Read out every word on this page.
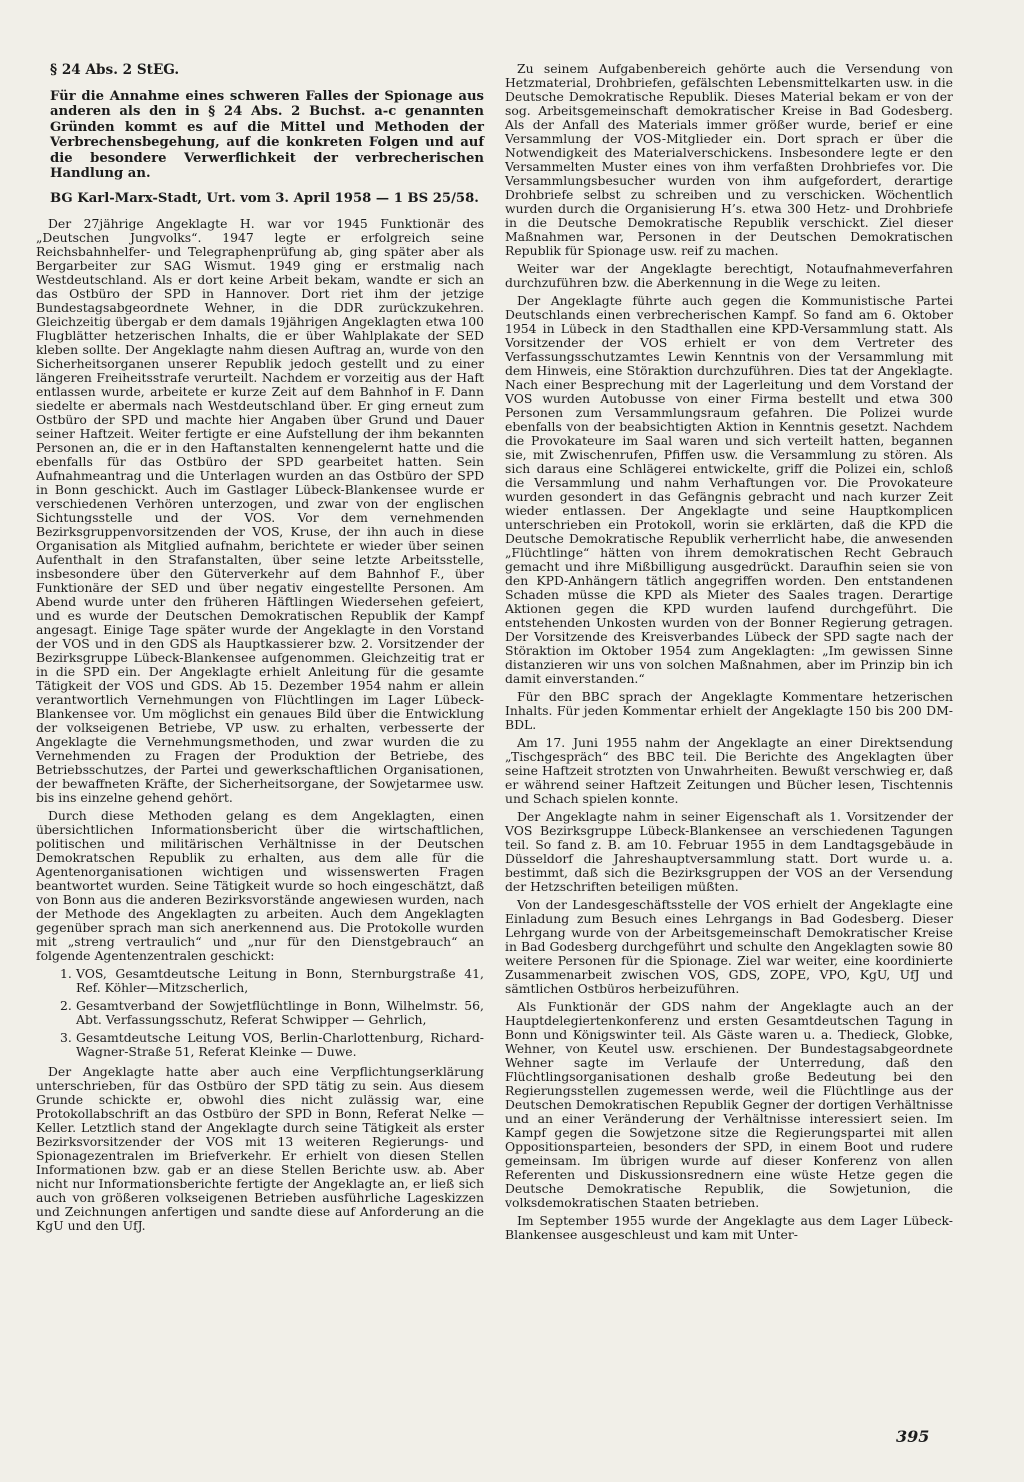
§ 24 Abs. 2 StEG.
Für die Annahme eines schweren Falles der Spionage aus anderen als den in § 24 Abs. 2 Buchst. a-c genannten Gründen kommt es auf die Mittel und Methoden der Verbrechensbegehung, auf die konkreten Folgen und auf die besondere Verwerflichkeit der verbrecherischen Handlung an.
BG Karl-Marx-Stadt, Urt. vom 3. April 1958 — 1 BS 25/58.

Der 27jährige Angeklagte H. war vor 1945 Funktionär des „Deutschen Jungvolks“. 1947 legte er erfolgreich seine Reichsbahnhelfer- und Telegraphenprüfung ab, ging später aber als Bergarbeiter zur SAG Wismut. 1949 ging er erstmalig nach Westdeutschland. Als er dort keine Arbeit bekam, wandte er sich an das Ostbüro der SPD in Hannover. Dort riet ihm der jetzige Bundestagsabgeordnete Wehner, in die DDR zurückzukehren. Gleichzeitig übergab er dem damals 19jährigen Angeklagten etwa 100 Flugblätter hetzerischen Inhalts, die er über Wahlplakate der SED kleben sollte. Der Angeklagte nahm diesen Auftrag an, wurde von den Sicherheitsorganen unserer Republik jedoch gestellt und zu einer längeren Freiheitsstrafe verurteilt. Nachdem er vorzeitig aus der Haft entlassen wurde, arbeitete er kurze Zeit auf dem Bahnhof in F. Dann siedelte er abermals nach Westdeutschland über. Er ging erneut zum Ostbüro der SPD und machte hier Angaben über Grund und Dauer seiner Haftzeit. Weiter fertigte er eine Aufstellung der ihm bekannten Personen an, die er in den Haftanstalten kennengelernt hatte und die ebenfalls für das Ostbüro der SPD gearbeitet hatten. Sein Aufnahmeantrag und die Unterlagen wurden an das Ostbüro der SPD in Bonn geschickt. Auch im Gastlager Lübeck-Blankensee wurde er verschiedenen Verhören unterzogen, und zwar von der englischen Sichtungsstelle und der VOS. Vor dem vernehmenden Bezirksgruppenvorsitzenden der VOS, Kruse, der ihn auch in diese Organisation als Mitglied aufnahm, berichtete er wieder über seinen Aufenthalt in den Strafanstalten, über seine letzte Arbeitsstelle, insbesondere über den Güterverkehr auf dem Bahnhof F., über Funktionäre der SED und über negativ eingestellte Personen. Am Abend wurde unter den früheren Häftlingen Wiedersehen gefeiert, und es wurde der Deutschen Demokratischen Republik der Kampf angesagt. Einige Tage später wurde der Angeklagte in den Vorstand der VOS und in den GDS als Hauptkassierer bzw. 2. Vorsitzender der Bezirksgruppe Lübeck-Blankensee aufgenommen. Gleichzeitig trat er in die SPD ein. Der Angeklagte erhielt Anleitung für die gesamte Tätigkeit der VOS und GDS. Ab 15. Dezember 1954 nahm er allein verantwortlich Vernehmungen von Flüchtlingen im Lager Lübeck-Blankensee vor. Um möglichst ein genaues Bild über die Entwicklung der volkseigenen Betriebe, VP usw. zu erhalten, verbesserte der Angeklagte die Vernehmungsmethoden, und zwar wurden die zu Vernehmenden zu Fragen der Produktion der Betriebe, des Betriebsschutzes, der Partei und gewerkschaftlichen Organisationen, der bewaffneten Kräfte, der Sicherheitsorgane, der Sowjetarmee usw. bis ins einzelne gehend gehört.

Durch diese Methoden gelang es dem Angeklagten, einen übersichtlichen Informationsbericht über die wirtschaftlichen, politischen und militärischen Verhältnisse in der Deutschen Demokratschen Republik zu erhalten, aus dem alle für die Agentenorganisationen wichtigen und wissenswerten Fragen beantwortet wurden. Seine Tätigkeit wurde so hoch eingeschätzt, daß von Bonn aus die anderen Bezirksvorstände angewiesen wurden, nach der Methode des Angeklagten zu arbeiten. Auch dem Angeklagten gegenüber sprach man sich anerkennend aus. Die Protokolle wurden mit „streng vertraulich“ und „nur für den Dienstgebrauch“ an folgende Agentenzentralen geschickt:

1. VOS, Gesamtdeutsche Leitung in Bonn, Sternburgstraße 41, Ref. Köhler—Mitzscherlich,
2. Gesamtverband der Sowjetflüchtlinge in Bonn, Wilhelmstr. 56, Abt. Verfassungsschutz, Referat Schwipper — Gehrlich,
3. Gesamtdeutsche Leitung VOS, Berlin-Charlottenburg, Richard-Wagner-Straße 51, Referat Kleinke — Duwe.

Der Angeklagte hatte aber auch eine Verpflichtungserklärung unterschrieben, für das Ostbüro der SPD tätig zu sein. Aus diesem Grunde schickte er, obwohl dies nicht zulässig war, eine Protokollabschrift an das Ostbüro der SPD in Bonn, Referat Nelke — Keller. Letztlich stand der Angeklagte durch seine Tätigkeit als erster Bezirksvorsitzender der VOS mit 13 weiteren Regierungs- und Spionagezentralen im Briefverkehr. Er erhielt von diesen Stellen Informationen bzw. gab er an diese Stellen Berichte usw. ab. Aber nicht nur Informationsberichte fertigte der Angeklagte an, er ließ sich auch von größeren volkseigenen Betrieben ausführliche Lageskizzen und Zeichnungen anfertigen und sandte diese auf Anforderung an die KgU und den UfJ.

Zu seinem Aufgabenbereich gehörte auch die Versendung von Hetzmaterial, Drohbriefen, gefälschten Lebensmittelkarten usw. in die Deutsche Demokratische Republik. Dieses Material bekam er von der sog. Arbeitsgemeinschaft demokratischer Kreise in Bad Godesberg. Als der Anfall des Materials immer größer wurde, berief er eine Versammlung der VOS-Mitglieder ein. Dort sprach er über die Notwendigkeit des Materialverschickens. Insbesondere legte er den Versammelten Muster eines von ihm verfaßten Drohbriefes vor. Die Versammlungsbesucher wurden von ihm aufgefordert, derartige Drohbriefe selbst zu schreiben und zu verschicken. Wöchentlich wurden durch die Organisierung H’s. etwa 300 Hetz- und Drohbriefe in die Deutsche Demokratische Republik verschickt. Ziel dieser Maßnahmen war, Personen in der Deutschen Demokratischen Republik für Spionage usw. reif zu machen.

Weiter war der Angeklagte berechtigt, Notaufnahmeverfahren durchzuführen bzw. die Aberkennung in die Wege zu leiten.

Der Angeklagte führte auch gegen die Kommunistische Partei Deutschlands einen verbrecherischen Kampf. So fand am 6. Oktober 1954 in Lübeck in den Stadthallen eine KPD-Versammlung statt. Als Vorsitzender der VOS erhielt er von dem Vertreter des Verfassungsschutzamtes Lewin Kenntnis von der Versammlung mit dem Hinweis, eine Störaktion durchzuführen. Dies tat der Angeklagte. Nach einer Besprechung mit der Lagerleitung und dem Vorstand der VOS wurden Autobusse von einer Firma bestellt und etwa 300 Personen zum Versammlungsraum gefahren. Die Polizei wurde ebenfalls von der beabsichtigten Aktion in Kenntnis gesetzt. Nachdem die Provokateure im Saal waren und sich verteilt hatten, begannen sie, mit Zwischenrufen, Pfiffen usw. die Versammlung zu stören. Als sich daraus eine Schlägerei entwickelte, griff die Polizei ein, schloß die Versammlung und nahm Verhaftungen vor. Die Provokateure wurden gesondert in das Gefängnis gebracht und nach kurzer Zeit wieder entlassen. Der Angeklagte und seine Hauptkomplicen unterschrieben ein Protokoll, worin sie erklärten, daß die KPD die Deutsche Demokratische Republik verherrlicht habe, die anwesenden „Flüchtlinge“ hätten von ihrem demokratischen Recht Gebrauch gemacht und ihre Mißbilligung ausgedrückt. Daraufhin seien sie von den KPD-Anhängern tätlich angegriffen worden. Den entstandenen Schaden müsse die KPD als Mieter des Saales tragen. Derartige Aktionen gegen die KPD wurden laufend durchgeführt. Die entstehenden Unkosten wurden von der Bonner Regierung getragen. Der Vorsitzende des Kreisverbandes Lübeck der SPD sagte nach der Störaktion im Oktober 1954 zum Angeklagten: „Im gewissen Sinne distanzieren wir uns von solchen Maßnahmen, aber im Prinzip bin ich damit einverstanden.“

Für den BBC sprach der Angeklagte Kommentare hetzerischen Inhalts. Für jeden Kommentar erhielt der Angeklagte 150 bis 200 DM-BDL.

Am 17. Juni 1955 nahm der Angeklagte an einer Direktsendung „Tischgespräch“ des BBC teil. Die Berichte des Angeklagten über seine Haftzeit strotzten von Unwahrheiten. Bewußt verschwieg er, daß er während seiner Haftzeit Zeitungen und Bücher lesen, Tischtennis und Schach spielen konnte.

Der Angeklagte nahm in seiner Eigenschaft als 1. Vorsitzender der VOS Bezirksgruppe Lübeck-Blankensee an verschiedenen Tagungen teil. So fand z. B. am 10. Februar 1955 in dem Landtagsgebäude in Düsseldorf die Jahreshauptversammlung statt. Dort wurde u. a. bestimmt, daß sich die Bezirksgruppen der VOS an der Versendung der Hetzschriften beteiligen müßten.

Von der Landesgeschäftsstelle der VOS erhielt der Angeklagte eine Einladung zum Besuch eines Lehrgangs in Bad Godesberg. Dieser Lehrgang wurde von der Arbeitsgemeinschaft Demokratischer Kreise in Bad Godesberg durchgeführt und schulte den Angeklagten sowie 80 weitere Personen für die Spionage. Ziel war weiter, eine koordinierte Zusammenarbeit zwischen VOS, GDS, ZOPE, VPO, KgU, UfJ und sämtlichen Ostbüros herbeizuführen.

Als Funktionär der GDS nahm der Angeklagte auch an der Hauptdelegiertenkonferenz und ersten Gesamtdeutschen Tagung in Bonn und Königswinter teil. Als Gäste waren u. a. Thedieck, Globke, Wehner, von Keutel usw. erschienen. Der Bundestagsabgeordnete Wehner sagte im Verlaufe der Unterredung, daß den Flüchtlingsorganisationen deshalb große Bedeutung bei den Regierungsstellen zugemessen werde, weil die Flüchtlinge aus der Deutschen Demokratischen Republik Gegner der dortigen Verhältnisse und an einer Veränderung der Verhältnisse interessiert seien. Im Kampf gegen die Sowjetzone sitze die Regierungspartei mit allen Oppositionsparteien, besonders der SPD, in einem Boot und rudere gemeinsam. Im übrigen wurde auf dieser Konferenz von allen Referenten und Diskussionsrednern eine wüste Hetze gegen die Deutsche Demokratische Republik, die Sowjetunion, die volksdemokratischen Staaten betrieben.

Im September 1955 wurde der Angeklagte aus dem Lager Lübeck-Blankensee ausgeschleust und kam mit Unter-

395
